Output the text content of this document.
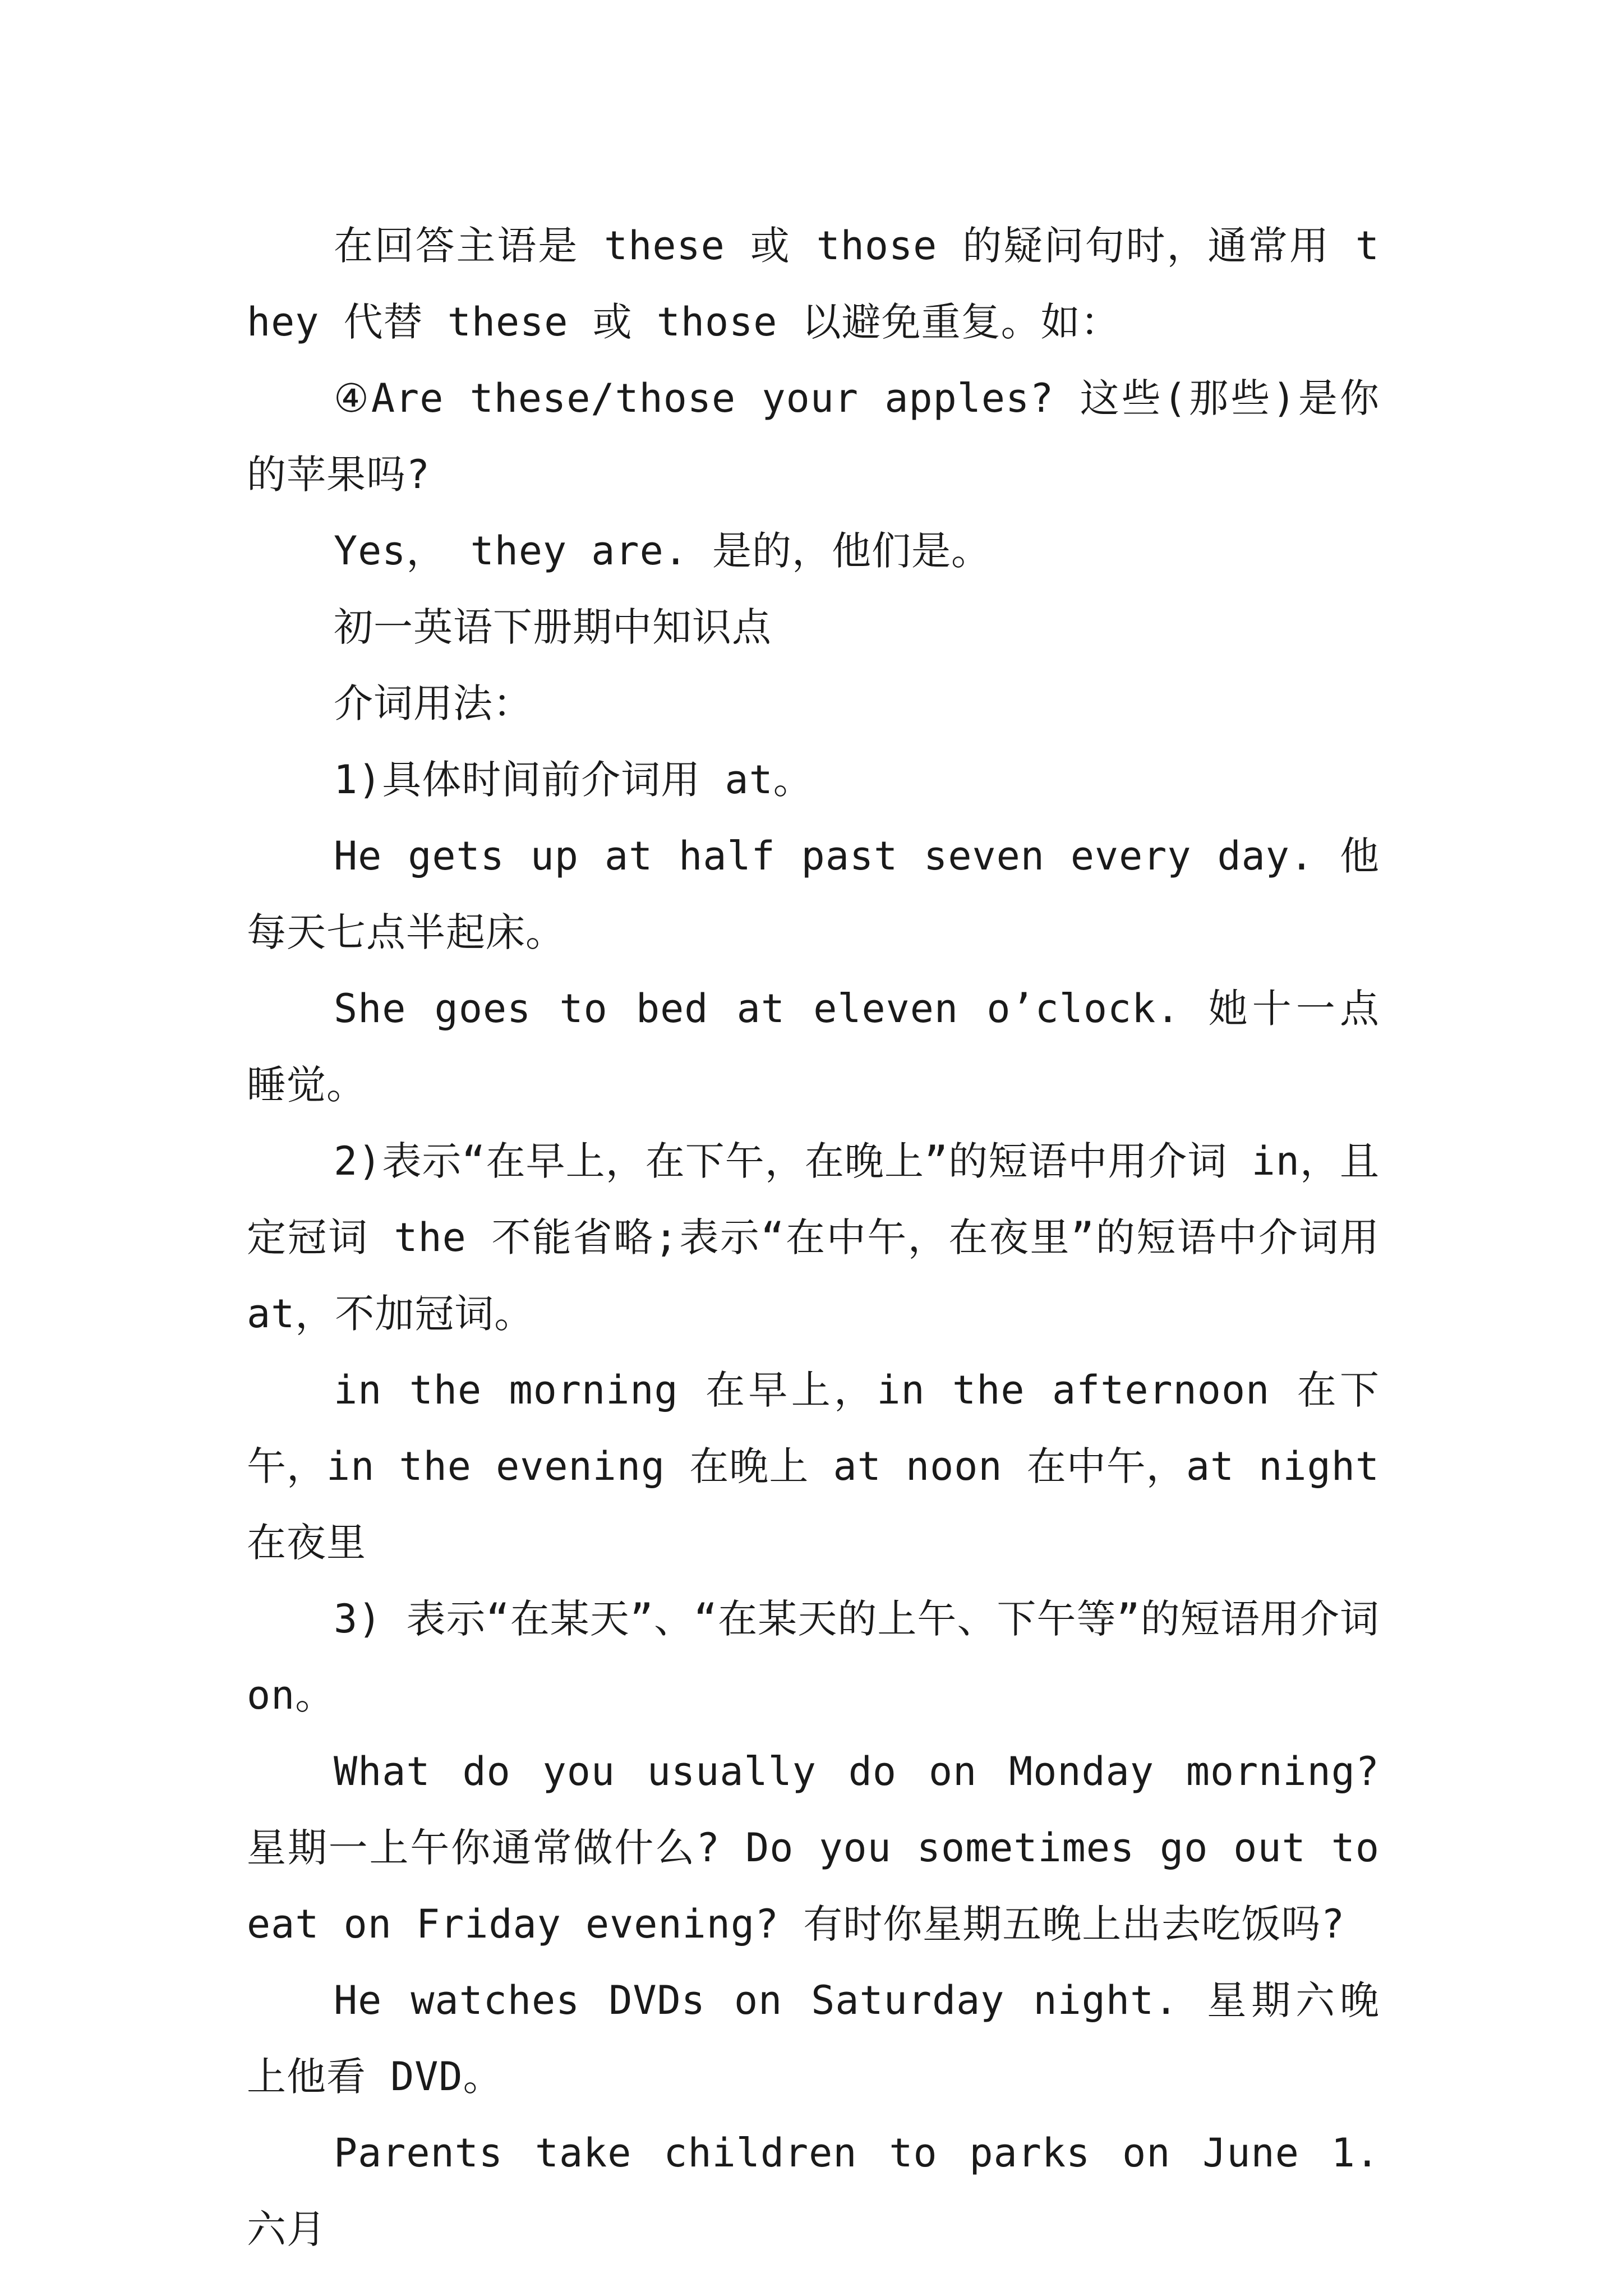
在回答主语是 these 或 those 的疑问句时，通常用 they 代替 these 或 those 以避免重复。如：

④Are these/those your apples? 这些(那些)是你的苹果吗?

Yes， they are. 是的，他们是。

初一英语下册期中知识点

介词用法：

1)具体时间前介词用 at。

He gets up at half past seven every day. 他每天七点半起床。

She goes to bed at eleven o’clock. 她十一点睡觉。

2)表示“在早上，在下午，在晚上”的短语中用介词 in，且定冠词 the 不能省略;表示“在中午，在夜里”的短语中介词用 at，不加冠词。

in the morning 在早上，in the afternoon 在下午，in the evening 在晚上 at noon 在中午，at night 在夜里

3) 表示“在某天”、“在某天的上午、下午等”的短语用介词 on。

What do you usually do on Monday morning? 星期一上午你通常做什么? Do you sometimes go out to eat on Friday evening? 有时你星期五晚上出去吃饭吗?

He watches DVDs on Saturday night. 星期六晚上他看 DVD。

Parents take children to parks on June 1. 六月
